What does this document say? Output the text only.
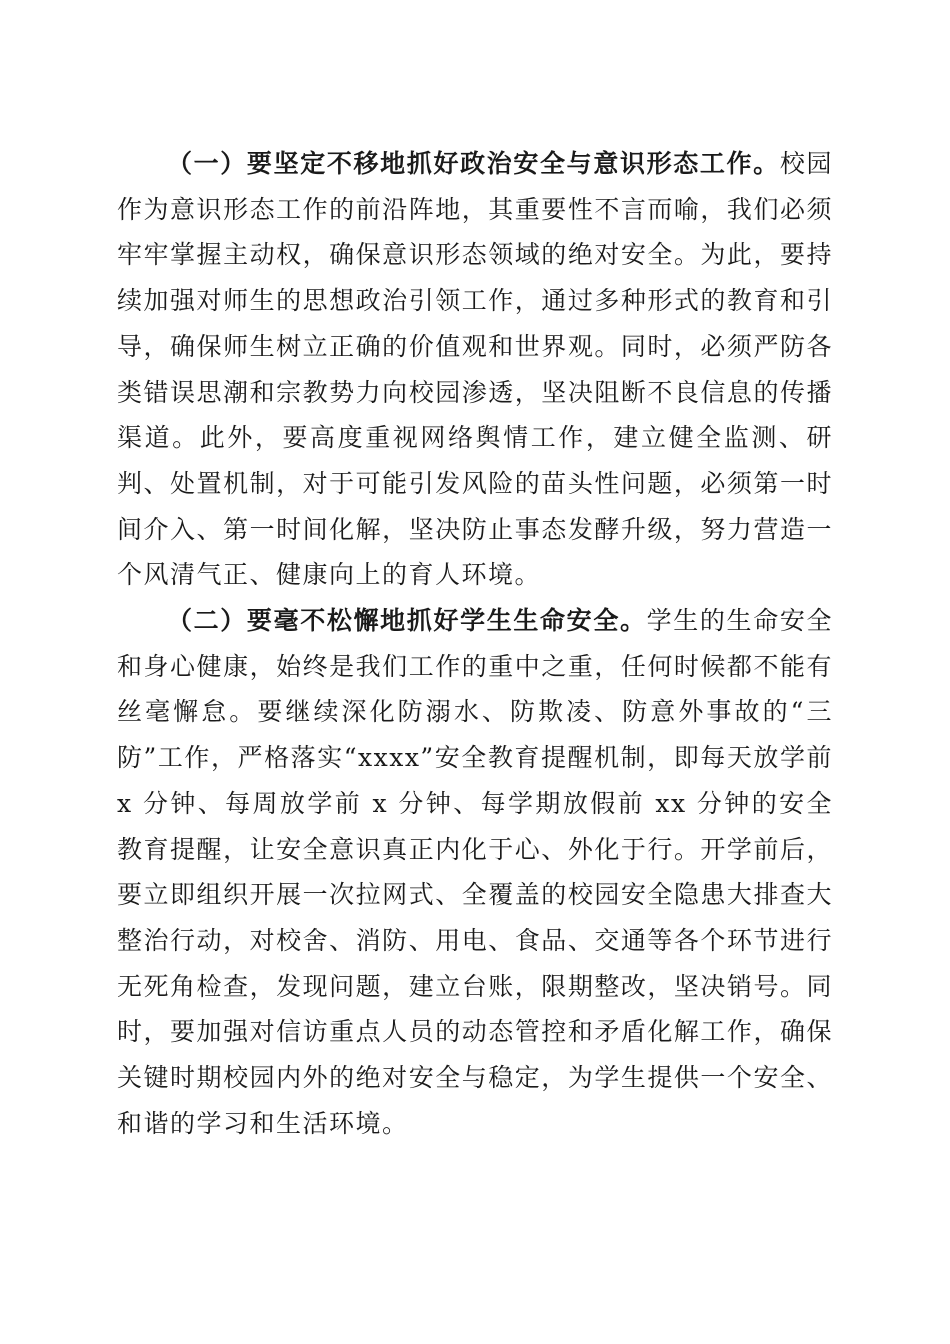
（一）要坚定不移地抓好政治安全与意识形态工作。校园作为意识形态工作的前沿阵地，其重要性不言而喻，我们必须牢牢掌握主动权，确保意识形态领域的绝对安全。为此，要持续加强对师生的思想政治引领工作，通过多种形式的教育和引导，确保师生树立正确的价值观和世界观。同时，必须严防各类错误思潮和宗教势力向校园渗透，坚决阻断不良信息的传播渠道。此外，要高度重视网络舆情工作，建立健全监测、研判、处置机制，对于可能引发风险的苗头性问题，必须第一时间介入、第一时间化解，坚决防止事态发酵升级，努力营造一个风清气正、健康向上的育人环境。

（二）要毫不松懈地抓好学生生命安全。学生的生命安全和身心健康，始终是我们工作的重中之重，任何时候都不能有丝毫懈怠。要继续深化防溺水、防欺凌、防意外事故的“三防”工作，严格落实“xxxx”安全教育提醒机制，即每天放学前 x 分钟、每周放学前 x 分钟、每学期放假前 xx 分钟的安全教育提醒，让安全意识真正内化于心、外化于行。开学前后，要立即组织开展一次拉网式、全覆盖的校园安全隐患大排查大整治行动，对校舍、消防、用电、食品、交通等各个环节进行无死角检查，发现问题，建立台账，限期整改，坚决销号。同时，要加强对信访重点人员的动态管控和矛盾化解工作，确保关键时期校园内外的绝对安全与稳定，为学生提供一个安全、和谐的学习和生活环境。
